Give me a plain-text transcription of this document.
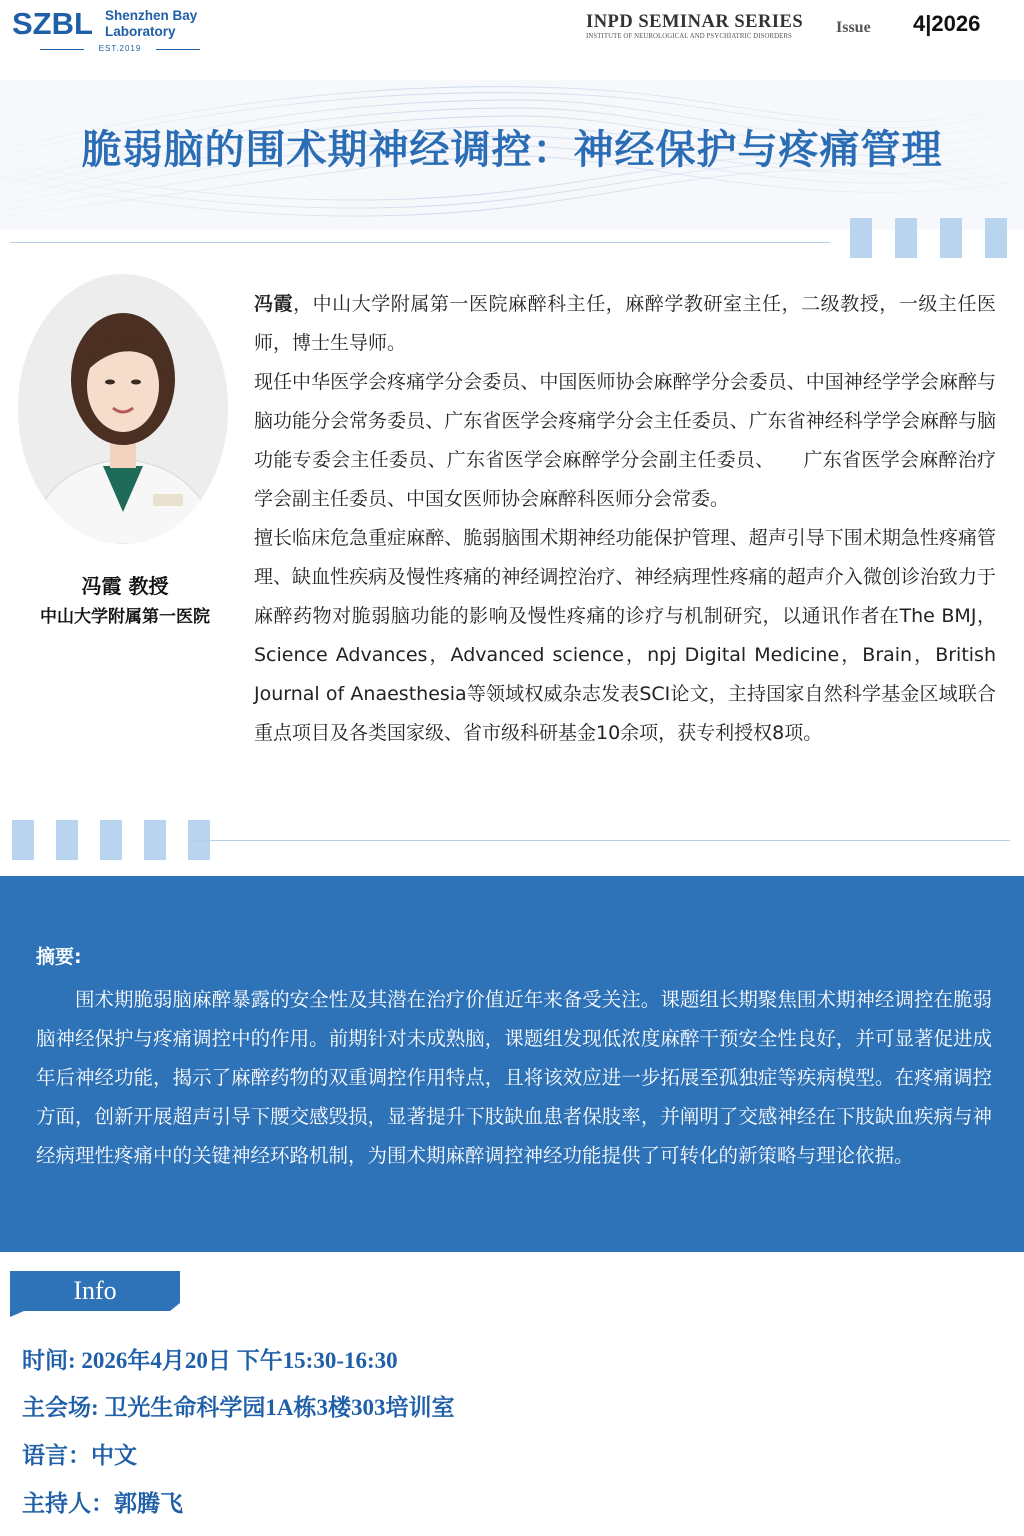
SZBL Shenzhen Bay
Laboratory
EST.2019
INPD SEMINAR SERIES
INSTITUTE OF NEUROLOGICAL AND PSYCHIATRIC DISORDERS
Issue 4|2026
脆弱脑的围术期神经调控：神经保护与疼痛管理
冯霞 教授
中山大学附属第一医院

冯霞，中山大学附属第一医院麻醉科主任，麻醉学教研室主任，二级教授，一级主任医师，博士生导师。

现任中华医学会疼痛学分会委员、中国医师协会麻醉学分会委员、中国神经学学会麻醉与脑功能分会常务委员、广东省医学会疼痛学分会主任委员、广东省神经科学学会麻醉与脑功能专委会主任委员、广东省医学会麻醉学分会副主任委员、　　广东省医学会麻醉治疗学会副主任委员、中国女医师协会麻醉科医师分会常委。

擅长临床危急重症麻醉、脆弱脑围术期神经功能保护管理、超声引导下围术期急性疼痛管理、缺血性疾病及慢性疼痛的神经调控治疗、神经病理性疼痛的超声介入微创诊治致力于麻醉药物对脆弱脑功能的影响及慢性疼痛的诊疗与机制研究，以通讯作者在The BMJ，Science Advances，Advanced science，npj Digital Medicine，Brain，British Journal of Anaesthesia等领域权威杂志发表SCI论文，主持国家自然科学基金区域联合重点项目及各类国家级、省市级科研基金10余项，获专利授权8项。

摘要:
围术期脆弱脑麻醉暴露的安全性及其潜在治疗价值近年来备受关注。课题组长期聚焦围术期神经调控在脆弱脑神经保护与疼痛调控中的作用。前期针对未成熟脑，课题组发现低浓度麻醉干预安全性良好，并可显著促进成年后神经功能，揭示了麻醉药物的双重调控作用特点，且将该效应进一步拓展至孤独症等疾病模型。在疼痛调控方面，创新开展超声引导下腰交感毁损，显著提升下肢缺血患者保肢率，并阐明了交感神经在下肢缺血疾病与神经病理性疼痛中的关键神经环路机制，为围术期麻醉调控神经功能提供了可转化的新策略与理论依据。
Info
时间: 2026年4月20日 下午15:30-16:30
主会场: 卫光生命科学园1A栋3楼303培训室
语言：中文
主持人：郭腾飞
